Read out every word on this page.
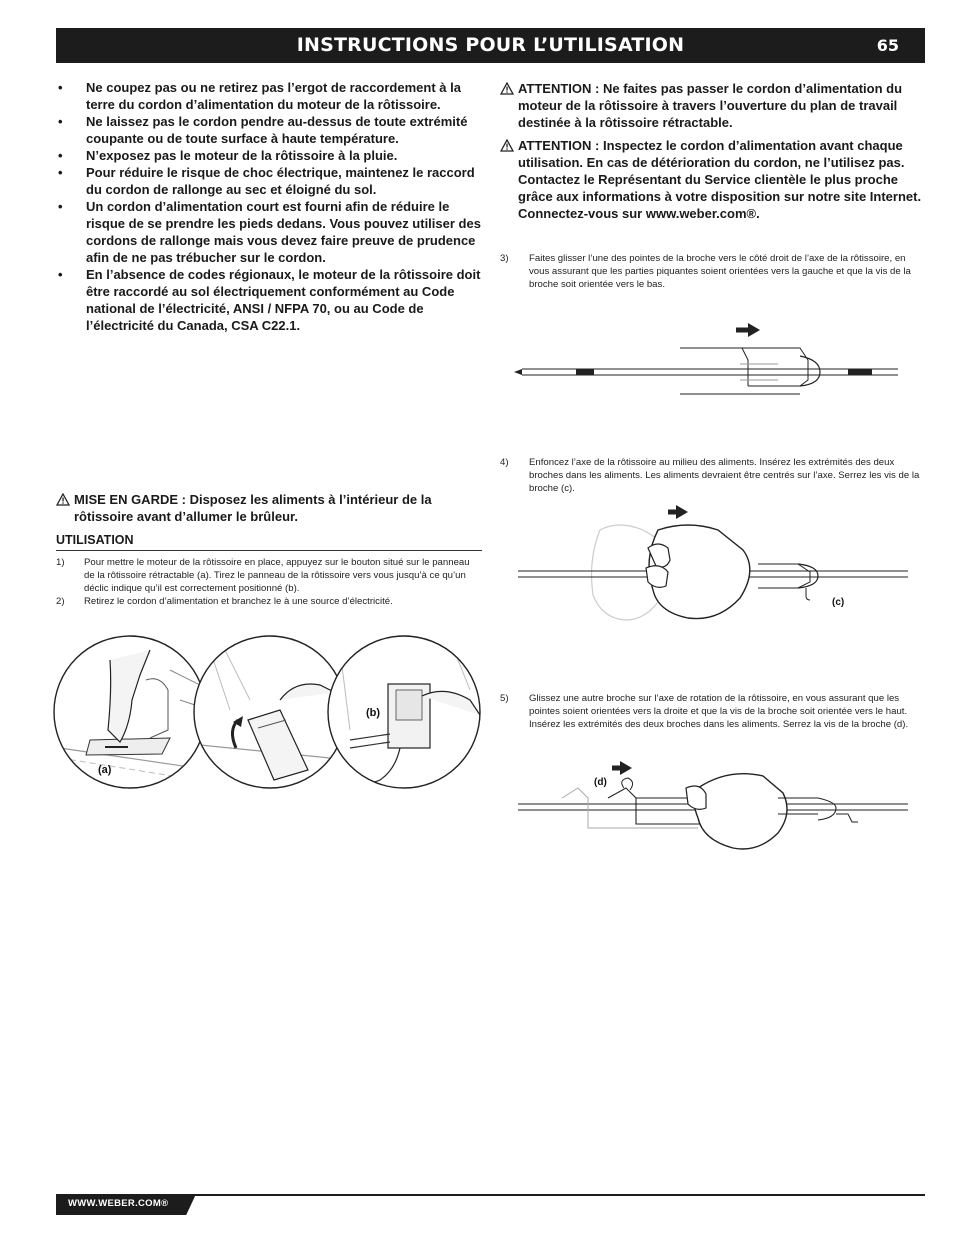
INSTRUCTIONS POUR L’UTILISATION	65
• Ne coupez pas ou ne retirez pas l’ergot de raccordement à la terre du cordon d’alimentation du moteur de la rôtissoire.
• Ne laissez pas le cordon pendre au-dessus de toute extrémité coupante ou de toute surface à haute température.
• N’exposez pas le moteur de la rôtissoire à la pluie.
• Pour réduire le risque de choc électrique, maintenez le raccord du cordon de rallonge au sec et éloigné du sol.
• Un cordon d’alimentation court est fourni afin de réduire le risque de se prendre les pieds dedans. Vous pouvez utiliser des cordons de rallonge mais vous devez faire preuve de prudence afin de ne pas trébucher sur le cordon.
• En l’absence de codes régionaux, le moteur de la rôtissoire doit être raccordé au sol électriquement conformément au Code national de l’électricité, ANSI / NFPA 70, ou au Code de l’électricité du Canada, CSA C22.1.
MISE EN GARDE : Disposez les aliments à l’intérieur de la rôtissoire avant d’allumer le brûleur.
UTILISATION
1)	Pour mettre le moteur de la rôtissoire en place, appuyez sur le bouton situé sur le panneau de la rôtissoire rétractable (a). Tirez le panneau de la rôtissoire vers vous jusqu’à ce qu’un déclic indique qu’il est correctement positionné (b).
2)	Retirez le cordon d’alimentation et branchez le à une source d’électricité.
(a)
(b)
ATTENTION : Ne faites pas passer le cordon d’alimentation du moteur de la rôtissoire à travers l’ouverture du plan de travail destinée à la rôtissoire rétractable.
ATTENTION : Inspectez le cordon d’alimentation avant chaque utilisation. En cas de détérioration du cordon, ne l’utilisez pas. Contactez le Représentant du Service clientèle le plus proche grâce aux informations à votre disposition sur notre site Internet. Connectez-vous sur www.weber.com®.
3)	Faites glisser l’une des pointes de la broche vers le côté droit de l’axe de la rôtissoire, en vous assurant que les parties piquantes soient orientées vers la gauche et que la vis de la broche soit orientée vers le bas.
4)	Enfoncez l’axe de la rôtissoire au milieu des aliments. Insérez les extrémités des deux broches dans les aliments. Les aliments devraient être centrés sur l’axe. Serrez les vis de la broche (c).
(c)
5)	Glissez une autre broche sur l’axe de rotation de la rôtissoire, en vous assurant que les pointes soient orientées vers la droite et que la vis de la broche soit orientée vers le haut. Insérez les extrémités des deux broches dans les aliments. Serrez la vis de la broche (d).
(d)
WWW.WEBER.COM®
